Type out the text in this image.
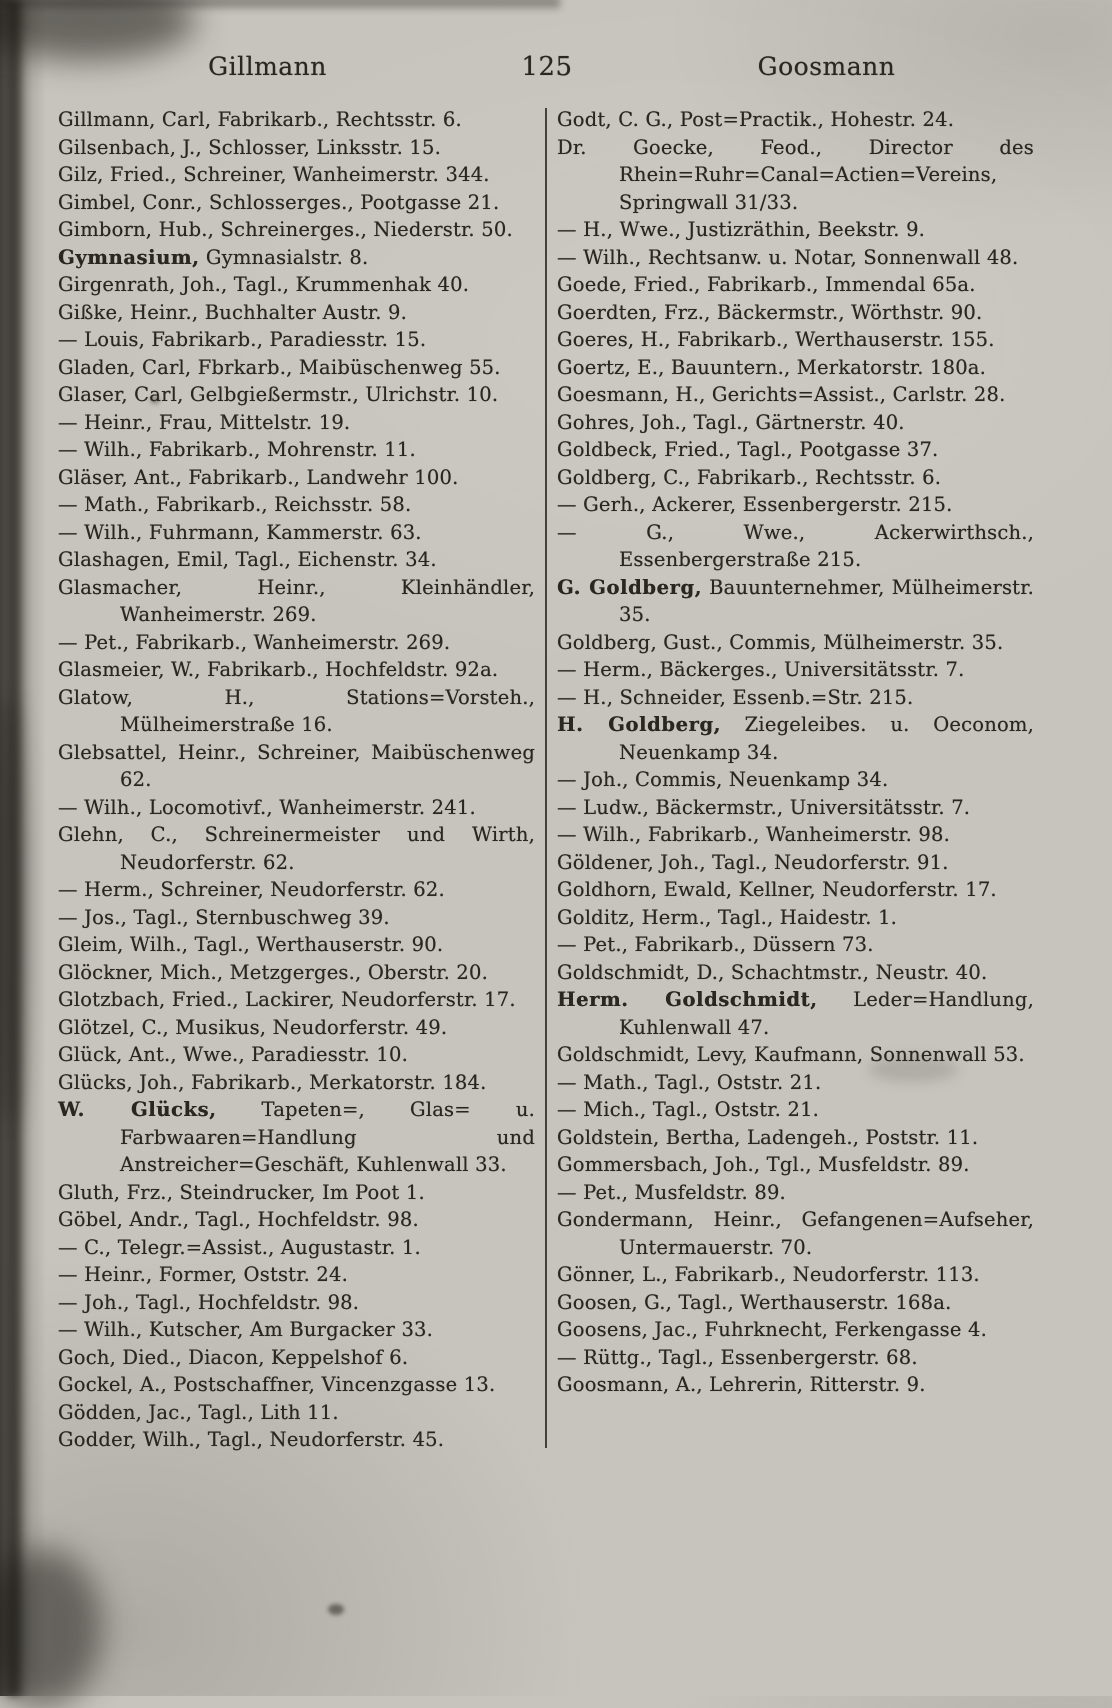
Gillmann	125	Goosmann

Gillmann, Carl, Fabrikarb., Rechtsstr. 6.

Gilsenbach, J., Schlosser, Linksstr. 15.

Gilz, Fried., Schreiner, Wanheimerstr. 344.

Gimbel, Conr., Schlosserges., Pootgasse 21.

Gimborn, Hub., Schreinerges., Niederstr. 50.

Gymnasium, Gymnasialstr. 8.

Girgenrath, Joh., Tagl., Krummenhak 40.

Gißke, Heinr., Buchhalter Austr. 9.

— Louis, Fabrikarb., Paradiesstr. 15.

Gladen, Carl, Fbrkarb., Maibüschenweg 55.

Glaser, Carl, Gelbgießermstr., Ulrichstr. 10.

— Heinr., Frau, Mittelstr. 19.

— Wilh., Fabrikarb., Mohrenstr. 11.

Gläser, Ant., Fabrikarb., Landwehr 100.

— Math., Fabrikarb., Reichsstr. 58.

— Wilh., Fuhrmann, Kammerstr. 63.

Glashagen, Emil, Tagl., Eichenstr. 34.

Glasmacher, Heinr., Kleinhändler, Wanheimerstr. 269.

— Pet., Fabrikarb., Wanheimerstr. 269.

Glasmeier, W., Fabrikarb., Hochfeldstr. 92a.

Glatow, H., Stations=Vorsteh., Mülheimerstraße 16.

Glebsattel, Heinr., Schreiner, Maibüschenweg 62.

— Wilh., Locomotivf., Wanheimerstr. 241.

Glehn, C., Schreinermeister und Wirth, Neudorferstr. 62.

— Herm., Schreiner, Neudorferstr. 62.

— Jos., Tagl., Sternbuschweg 39.

Gleim, Wilh., Tagl., Werthauserstr. 90.

Glöckner, Mich., Metzgerges., Oberstr. 20.

Glotzbach, Fried., Lackirer, Neudorferstr. 17.

Glötzel, C., Musikus, Neudorferstr. 49.

Glück, Ant., Wwe., Paradiesstr. 10.

Glücks, Joh., Fabrikarb., Merkatorstr. 184.

W. Glücks, Tapeten=, Glas= u. Farbwaaren=Handlung und Anstreicher=Geschäft, Kuhlenwall 33.

Gluth, Frz., Steindrucker, Im Poot 1.

Göbel, Andr., Tagl., Hochfeldstr. 98.

— C., Telegr.=Assist., Augustastr. 1.

— Heinr., Former, Oststr. 24.

— Joh., Tagl., Hochfeldstr. 98.

— Wilh., Kutscher, Am Burgacker 33.

Goch, Died., Diacon, Keppelshof 6.

Gockel, A., Postschaffner, Vincenzgasse 13.

Gödden, Jac., Tagl., Lith 11.

Godder, Wilh., Tagl., Neudorferstr. 45.

Godt, C. G., Post=Practik., Hohestr. 24.

Dr. Goecke, Feod., Director des Rhein=Ruhr=Canal=Actien=Vereins, Springwall 31/33.

— H., Wwe., Justizräthin, Beekstr. 9.

— Wilh., Rechtsanw. u. Notar, Sonnenwall 48.

Goede, Fried., Fabrikarb., Immendal 65a.

Goerdten, Frz., Bäckermstr., Wörthstr. 90.

Goeres, H., Fabrikarb., Werthauserstr. 155.

Goertz, E., Bauuntern., Merkatorstr. 180a.

Goesmann, H., Gerichts=Assist., Carlstr. 28.

Gohres, Joh., Tagl., Gärtnerstr. 40.

Goldbeck, Fried., Tagl., Pootgasse 37.

Goldberg, C., Fabrikarb., Rechtsstr. 6.

— Gerh., Ackerer, Essenbergerstr. 215.

— G., Wwe., Ackerwirthsch., Essenbergerstraße 215.

G. Goldberg, Bauunternehmer, Mülheimerstr. 35.

Goldberg, Gust., Commis, Mülheimerstr. 35.

— Herm., Bäckerges., Universitätsstr. 7.

— H., Schneider, Essenb.=Str. 215.

H. Goldberg, Ziegeleibes. u. Oeconom, Neuenkamp 34.

— Joh., Commis, Neuenkamp 34.

— Ludw., Bäckermstr., Universitätsstr. 7.

— Wilh., Fabrikarb., Wanheimerstr. 98.

Göldener, Joh., Tagl., Neudorferstr. 91.

Goldhorn, Ewald, Kellner, Neudorferstr. 17.

Golditz, Herm., Tagl., Haidestr. 1.

— Pet., Fabrikarb., Düssern 73.

Goldschmidt, D., Schachtmstr., Neustr. 40.

Herm. Goldschmidt, Leder=Handlung, Kuhlenwall 47.

Goldschmidt, Levy, Kaufmann, Sonnenwall 53.

— Math., Tagl., Oststr. 21.

— Mich., Tagl., Oststr. 21.

Goldstein, Bertha, Ladengeh., Poststr. 11.

Gommersbach, Joh., Tgl., Musfeldstr. 89.

— Pet., Musfeldstr. 89.

Gondermann, Heinr., Gefangenen=Aufseher, Untermauerstr. 70.

Gönner, L., Fabrikarb., Neudorferstr. 113.

Goosen, G., Tagl., Werthauserstr. 168a.

Goosens, Jac., Fuhrknecht, Ferkengasse 4.

— Rüttg., Tagl., Essenbergerstr. 68.

Goosmann, A., Lehrerin, Ritterstr. 9.
